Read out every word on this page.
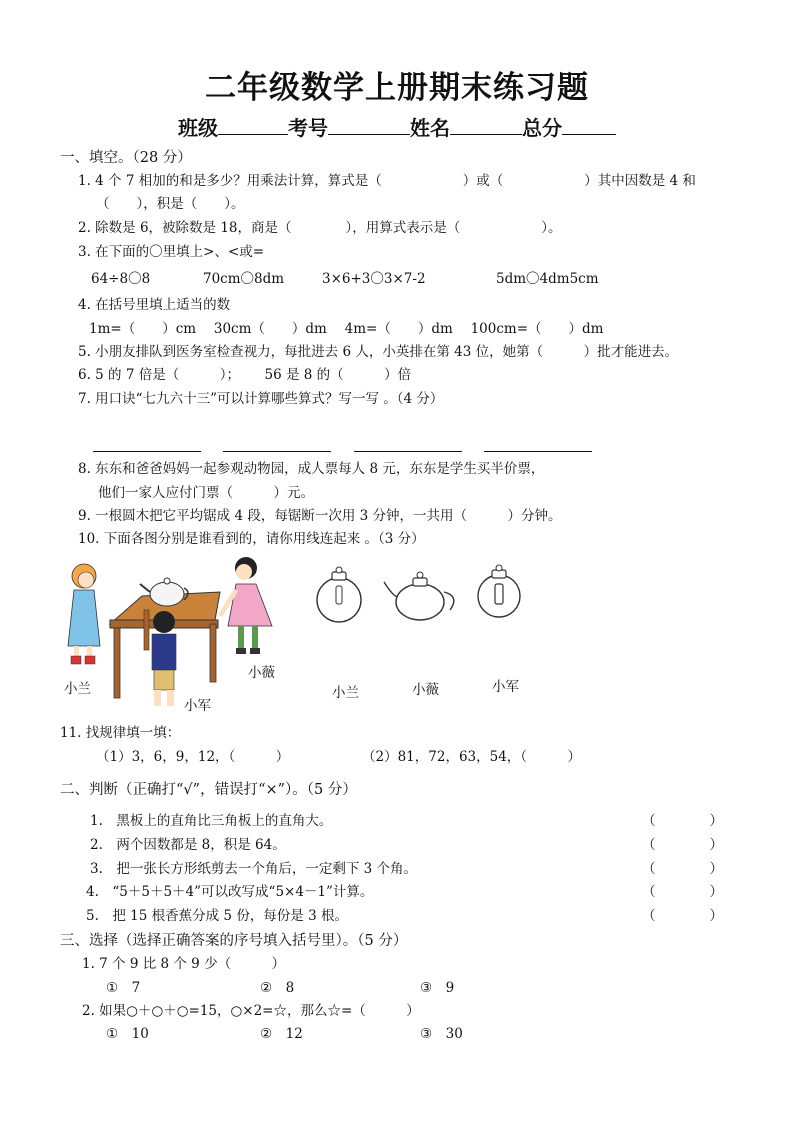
二年级数学上册期末练习题
班级	考号	姓名	总分
一、填空。（28 分）
1. 4 个 7 相加的和是多少？用乘法计算，算式是（　　　　　　）或（　　　　　　）其中因数是 4 和
（　　），积是（　　）。
2. 除数是 6，被除数是 18，商是（　　　　），用算式表示是（　　　　　　）。
3. 在下面的〇里填上>、<或=
64÷8〇8	70cm〇8dm	3×6+3〇3×7-2	5dm〇4dm5cm
4. 在括号里填上适当的数
1m=（　　）cm　 30cm（　　）dm　 4m=（　　）dm　 100cm=（　　）dm
5. 小朋友排队到医务室检查视力，每批进去 6 人，小英排在第 43 位，她第（　　　）批才能进去。
6. 5 的 7 倍是（　　　）；　　 56 是 8 的（　　　）倍
7. 用口诀“七九六十三”可以计算哪些算式？写一写 。（4 分）
8. 东东和爸爸妈妈一起参观动物园，成人票每人 8 元，东东是学生买半价票，
他们一家人应付门票（　　　）元。
9. 一根圆木把它平均锯成 4 段，每锯断一次用 3 分钟，一共用（　　　）分钟。
10. 下面各图分别是谁看到的，请你用线连起来 。（3 分）
小兰
小军
小薇
小兰	小薇	小军
11. 找规律填一填：
（1）3，6，9，12，（　　　）	（2）81，72，63，54，（　　　）
二、判断（正确打“√”，错误打“×”）。（5 分）
1.　黑板上的直角比三角板上的直角大。	（　　　　）
2.　两个因数都是 8，积是 64。	（　　　　）
3.　把一张长方形纸剪去一个角后，一定剩下 3 个角。	（　　　　）
4.　“5＋5＋5＋4”可以改写成“5×4－1”计算。	（　　　　）
5.　把 15 根香蕉分成 5 份，每份是 3 根。	（　　　　）
三、选择（选择正确答案的序号填入括号里）。（5 分）
1. 7 个 9 比 8 个 9 少（　　　）
①　7	②　8	③　9
2. 如果○＋○＋○=15，○×2=☆，那么☆=（　　　）
①　10	②　12	③　30
